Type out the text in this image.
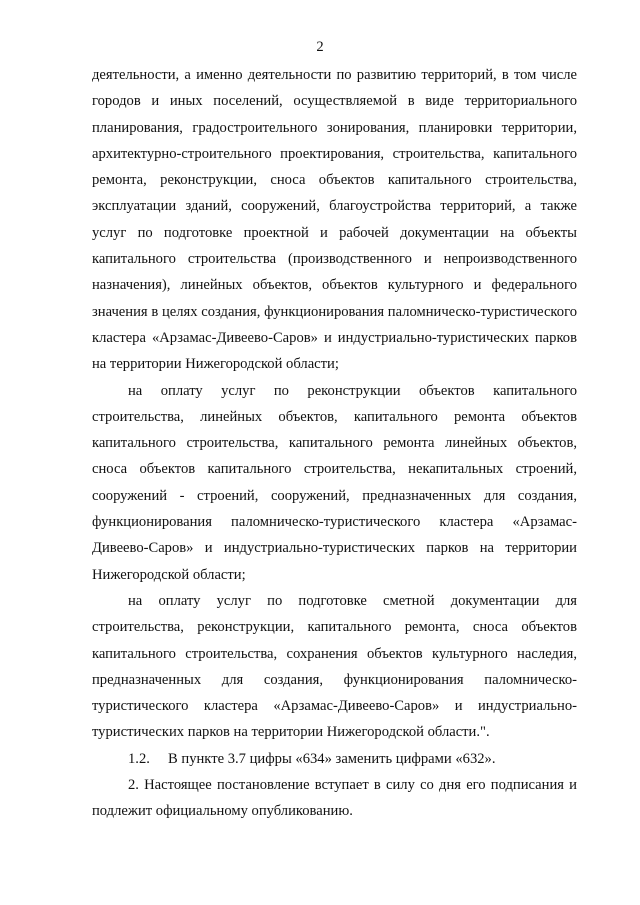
2

деятельности, а именно деятельности по развитию территорий, в том числе городов и иных поселений, осуществляемой в виде территориального планирования, градостроительного зонирования, планировки территории, архитектурно-строительного проектирования, строительства, капитального ремонта, реконструкции, сноса объектов капитального строительства, эксплуатации зданий, сооружений, благоустройства территорий, а также услуг по подготовке проектной и рабочей документации на объекты капитального строительства (производственного и непроизводственного назначения), линейных объектов, объектов культурного и федерального значения в целях создания, функционирования паломническо-туристического кластера «Арзамас-Дивеево-Саров» и индустриально-туристических парков на территории Нижегородской области;

на оплату услуг по реконструкции объектов капитального строительства, линейных объектов, капитального ремонта объектов капитального строительства, капитального ремонта линейных объектов, сноса объектов капитального строительства, некапитальных строений, сооружений - строений, сооружений, предназначенных для создания, функционирования паломническо-туристического кластера «Арзамас-Дивеево-Саров» и индустриально-туристических парков на территории Нижегородской области;

на оплату услуг по подготовке сметной документации для строительства, реконструкции, капитального ремонта, сноса объектов капитального строительства, сохранения объектов культурного наследия, предназначенных для создания, функционирования паломническо-туристического кластера «Арзамас-Дивеево-Саров» и индустриально-туристических парков на территории Нижегородской области.".

1.2. В пункте 3.7 цифры «634» заменить цифрами «632».

2. Настоящее постановление вступает в силу со дня его подписания и подлежит официальному опубликованию.
